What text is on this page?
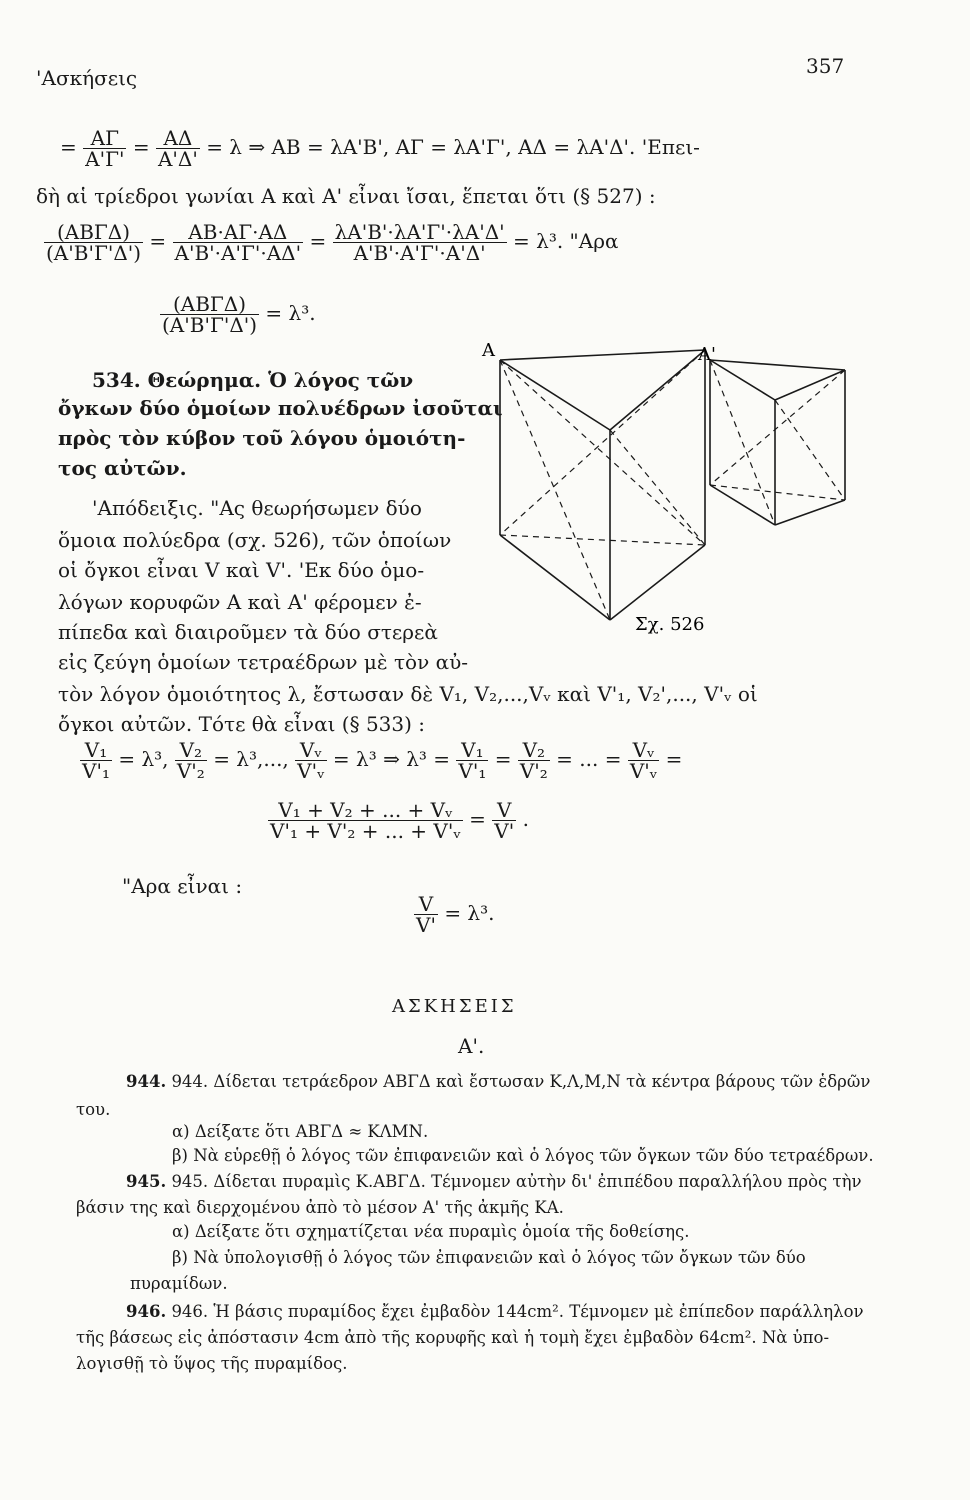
'Ασκήσεις	357
= $\frac{A\Gamma}{A'\Gamma'} = \frac{A\Delta}{A'\Delta'} = \lambda$ ⇒ ΑΒ = λΑ'Β', ΑΓ = λΑ'Γ', ΑΔ = λΑ'Δ'. 'Επει-
δὴ αἱ τρίεδροι γωνίαι Α καὶ Α' εἶναι ἴσαι, ἕπεται ὅτι (§ 527) :
$\frac{\text{(ΑΒΓΔ)}}{(A'B'\Gamma'\Delta')} = \frac{AB\cdot A\Gamma\cdot A\Delta}{A'B'\cdot A'\Gamma'\cdot A\Delta'} = \frac{\lambda A'B'\cdot\lambda A'\Gamma'\cdot\lambda A'\Delta'}{A'B'\cdot A'\Gamma'\cdot A'\Delta'} = \lambda^3$. "Αρα
$\frac{\text{(ΑΒΓΔ)}}{(A'B'\Gamma'\Delta')} = \lambda^3$.
534. Θεώρημα. Ὁ λόγος τῶν
ὄγκων δύο ὁμοίων πολυέδρων ἰσοῦται
πρὸς τὸν κύβον τοῦ λόγου ὁμοιότη-
τος αὐτῶν.
'Απόδειξις. "Ας θεωρήσωμεν δύο
ὅμοια πολύεδρα (σχ. 526), τῶν ὁποίων
οἱ ὄγκοι εἶναι V καὶ V'. 'Εκ δύο ὁμο-
λόγων κορυφῶν Α καὶ Α' φέρομεν ἐ-
πίπεδα καὶ διαιροῦμεν τὰ δύο στερεὰ
εἰς ζεύγη ὁμοίων τετραέδρων μὲ τὸν αὐ-
τὸν λόγον ὁμοιότητος λ, ἔστωσαν δὲ V₁, V₂,...,Vᵥ καὶ V'₁, V₂',..., V'ᵥ οἱ
ὄγκοι αὐτῶν. Τότε θὰ εἶναι (§ 533) :
Α	Α'
Σχ. 526
$\frac{\text{V₁}}{\text{V'₁}} = \lambda^3$, $\frac{\text{V₂}}{\text{V'₂}} = \lambda^3$,..., $\frac{\text{Vᵥ}}{\text{V'ᵥ}} = \lambda^3$ ⇒ $\lambda^3 = \frac{\text{V₁}}{\text{V'₁}} = \frac{\text{V₂}}{\text{V'₂}}$ = ... = $\frac{\text{Vᵥ}}{\text{V'ᵥ}}$ =
$\frac{\text{V₁ + V₂ + ... + Vᵥ}}{\text{V'₁ + V'₂ + ... + V'ᵥ}} = \frac{V}{V'}$ .
"Αρα εἶναι :
$\frac{V}{V'} = \lambda^3$.
ΑΣΚΗΣΕΙΣ
Α'.
944. 944. Δίδεται τετράεδρον ΑΒΓΔ καὶ ἔστωσαν Κ,Λ,Μ,Ν τὰ κέντρα βάρους τῶν ἑδρῶν
του.
α) Δείξατε ὅτι ΑΒΓΔ ≈ ΚΛΜΝ.
β) Νὰ εὑρεθῇ ὁ λόγος τῶν ἐπιφανειῶν καὶ ὁ λόγος τῶν ὄγκων τῶν δύο τετραέδρων.
945. 945. Δίδεται πυραμὶς Κ.ΑΒΓΔ. Τέμνομεν αὐτὴν δι' ἐπιπέδου παραλλήλου πρὸς τὴν
βάσιν της καὶ διερχομένου ἀπὸ τὸ μέσον Α' τῆς ἀκμῆς ΚΑ.
α) Δείξατε ὅτι σχηματίζεται νέα πυραμὶς ὁμοία τῆς δοθείσης.
β) Νὰ ὑπολογισθῇ ὁ λόγος τῶν ἐπιφανειῶν καὶ ὁ λόγος τῶν ὄγκων τῶν δύο
πυραμίδων.
946. 946. Ἡ βάσις πυραμίδος ἔχει ἐμβαδὸν 144cm². Τέμνομεν μὲ ἐπίπεδον παράλληλον
τῆς βάσεως εἰς ἀπόστασιν 4cm ἀπὸ τῆς κορυφῆς καὶ ἡ τομὴ ἔχει ἐμβαδὸν 64cm². Νὰ ὑπο-
λογισθῇ τὸ ὕψος τῆς πυραμίδος.
